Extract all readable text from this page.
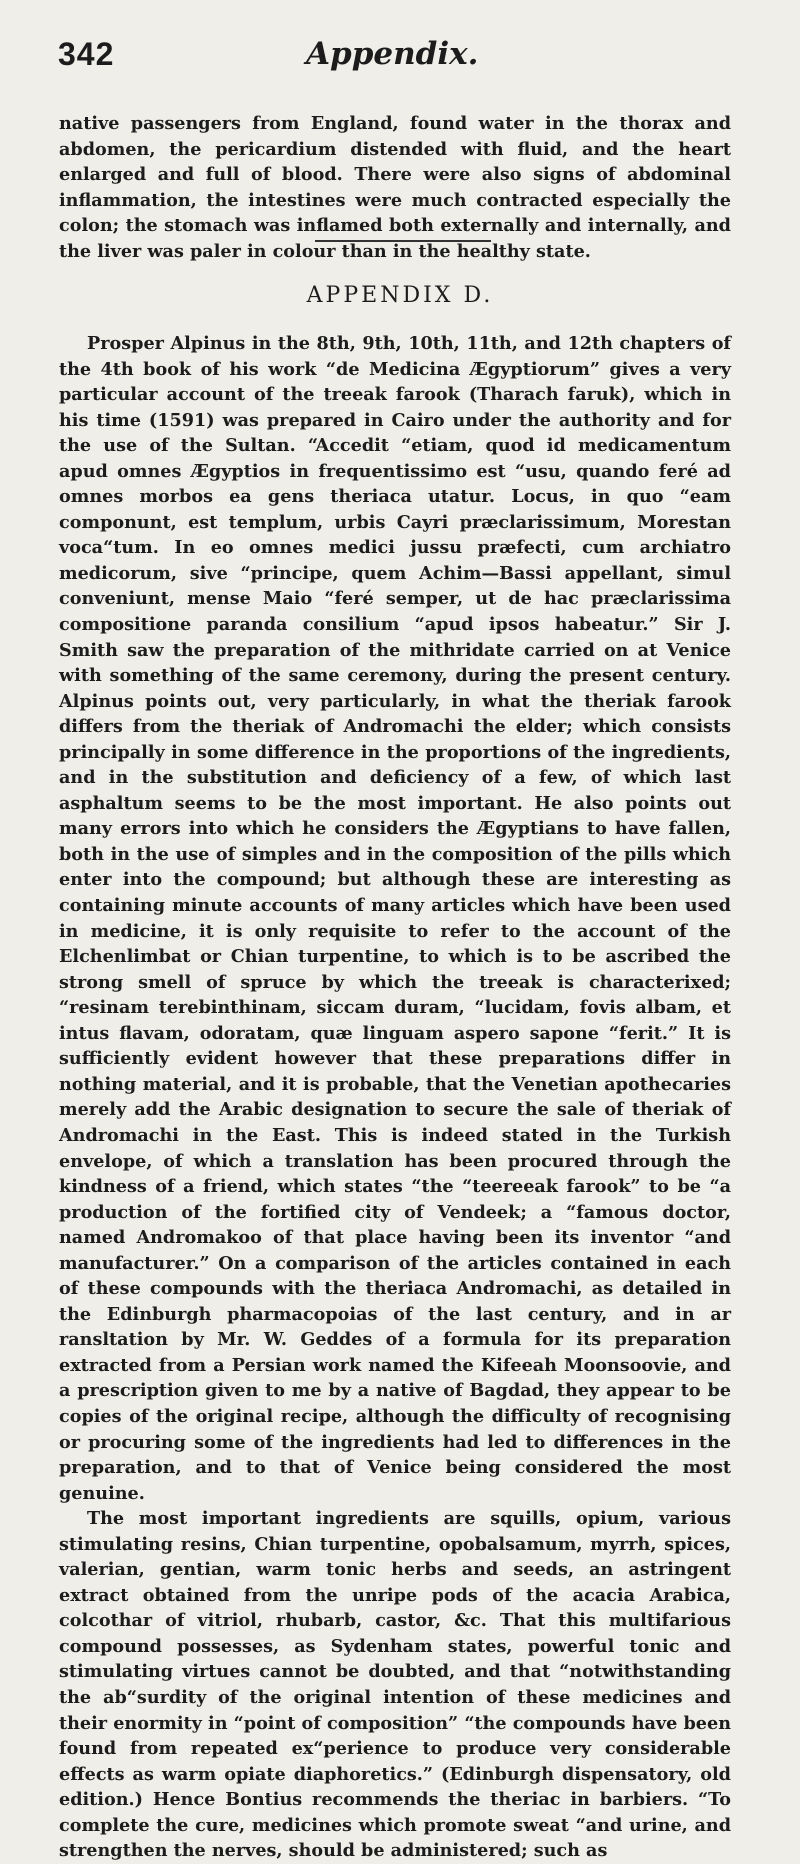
342	Appendix.

native passengers from England, found water in the thorax and abdomen, the pericardium distended with fluid, and the heart enlarged and full of blood. There were also signs of abdominal inflammation, the intestines were much contracted especially the colon; the stomach was inflamed both externally and internally, and the liver was paler in colour than in the healthy state.

APPENDIX D.

Prosper Alpinus in the 8th, 9th, 10th, 11th, and 12th chapters of the 4th book of his work “de Medicina Ægyptiorum” gives a very particular account of the treeak farook (Tharach faruk), which in his time (1591) was prepared in Cairo under the authority and for the use of the Sultan. “Accedit “etiam, quod id medicamentum apud omnes Ægyptios in frequentissimo est “usu, quando feré ad omnes morbos ea gens theriaca utatur. Locus, in quo “eam componunt, est templum, urbis Cayri præclarissimum, Morestan voca“tum. In eo omnes medici jussu præfecti, cum archiatro medicorum, sive “principe, quem Achim—Bassi appellant, simul conveniunt, mense Maio “feré semper, ut de hac præclarissima compositione paranda consilium “apud ipsos habeatur.” Sir J. Smith saw the preparation of the mithridate carried on at Venice with something of the same ceremony, during the present century. Alpinus points out, very particularly, in what the theriak farook differs from the theriak of Andromachi the elder; which consists principally in some difference in the proportions of the ingredients, and in the substitution and deficiency of a few, of which last asphaltum seems to be the most important. He also points out many errors into which he considers the Ægyptians to have fallen, both in the use of simples and in the composition of the pills which enter into the compound; but although these are interesting as containing minute accounts of many articles which have been used in medicine, it is only requisite to refer to the account of the Elchenlimbat or Chian turpentine, to which is to be ascribed the strong smell of spruce by which the treeak is characterixed; “resinam terebinthinam, siccam duram, “lucidam, fovis albam, et intus flavam, odoratam, quæ linguam aspero sapone “ferit.” It is sufficiently evident however that these preparations differ in nothing material, and it is probable, that the Venetian apothecaries merely add the Arabic designation to secure the sale of theriak of Andromachi in the East. This is indeed stated in the Turkish envelope, of which a translation has been procured through the kindness of a friend, which states “the “teereeak farook” to be “a production of the fortified city of Vendeek; a “famous doctor, named Andromakoo of that place having been its inventor “and manufacturer.” On a comparison of the articles contained in each of these compounds with the theriaca Andromachi, as detailed in the Edinburgh pharmacopoias of the last century, and in ar ransltation by Mr. W. Geddes of a formula for its preparation extracted from a Persian work named the Kifeeah Moonsoovie, and a prescription given to me by a native of Bagdad, they appear to be copies of the original recipe, although the difficulty of recognising or procuring some of the ingredients had led to differences in the preparation, and to that of Venice being considered the most genuine.

The most important ingredients are squills, opium, various stimulating resins, Chian turpentine, opobalsamum, myrrh, spices, valerian, gentian, warm tonic herbs and seeds, an astringent extract obtained from the unripe pods of the acacia Arabica, colcothar of vitriol, rhubarb, castor, &c. That this multifarious compound possesses, as Sydenham states, powerful tonic and stimulating virtues cannot be doubted, and that “notwithstanding the ab“surdity of the original intention of these medicines and their enormity in “point of composition” “the compounds have been found from repeated ex“perience to produce very considerable effects as warm opiate diaphoretics.” (Edinburgh dispensatory, old edition.) Hence Bontius recommends the theriac in barbiers. “To complete the cure, medicines which promote sweat “and urine, and strengthen the nerves, should be administered; such as
